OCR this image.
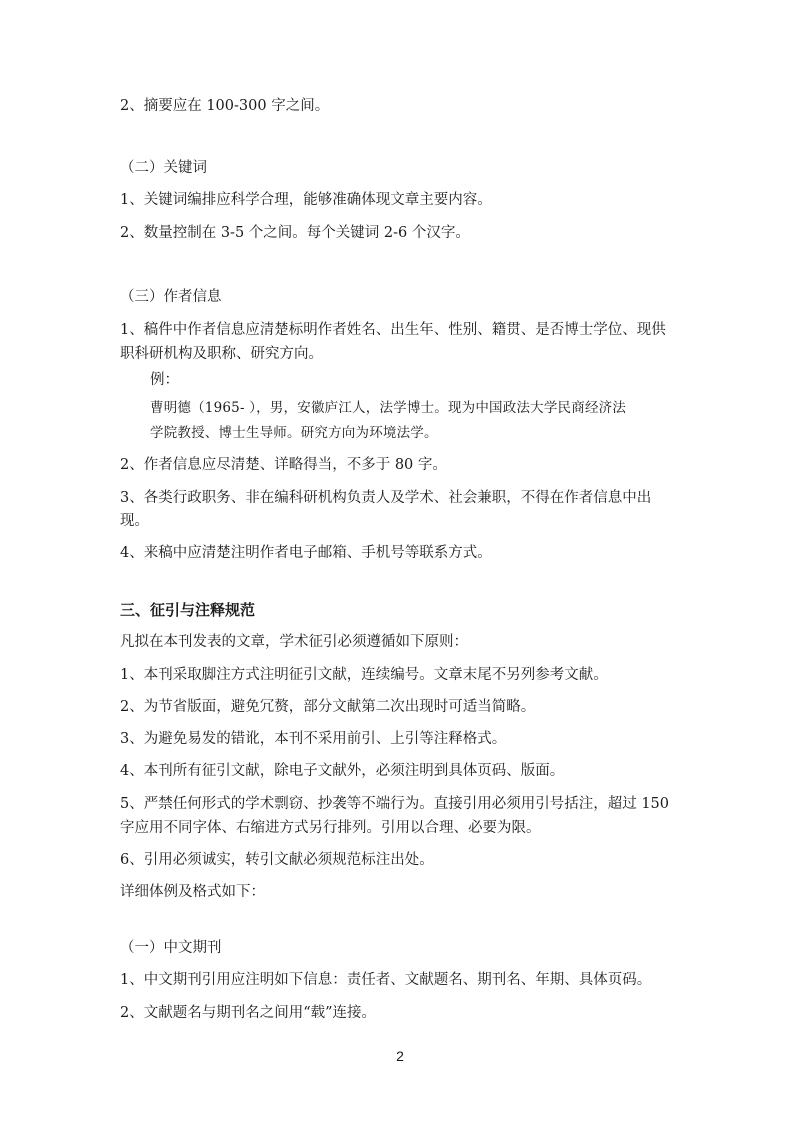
2、摘要应在 100-300 字之间。
（二）关键词
1、关键词编排应科学合理，能够准确体现文章主要内容。
2、数量控制在 3-5 个之间。每个关键词 2-6 个汉字。
（三）作者信息
1、稿件中作者信息应清楚标明作者姓名、出生年、性别、籍贯、是否博士学位、现供
职科研机构及职称、研究方向。
例：
曹明德（1965- ），男，安徽庐江人，法学博士。现为中国政法大学民商经济法
学院教授、博士生导师。研究方向为环境法学。
2、作者信息应尽清楚、详略得当，不多于 80 字。
3、各类行政职务、非在编科研机构负责人及学术、社会兼职，不得在作者信息中出
现。
4、来稿中应清楚注明作者电子邮箱、手机号等联系方式。
三、征引与注释规范
凡拟在本刊发表的文章，学术征引必须遵循如下原则：
1、本刊采取脚注方式注明征引文献，连续编号。文章末尾不另列参考文献。
2、为节省版面，避免冗赘，部分文献第二次出现时可适当简略。
3、为避免易发的错讹，本刊不采用前引、上引等注释格式。
4、本刊所有征引文献，除电子文献外，必须注明到具体页码、版面。
5、严禁任何形式的学术剽窃、抄袭等不端行为。直接引用必须用引号括注，超过 150
字应用不同字体、右缩进方式另行排列。引用以合理、必要为限。
6、引用必须诚实，转引文献必须规范标注出处。
详细体例及格式如下：
（一）中文期刊
1、中文期刊引用应注明如下信息：责任者、文献题名、期刊名、年期、具体页码。
2、文献题名与期刊名之间用“载”连接。
2
